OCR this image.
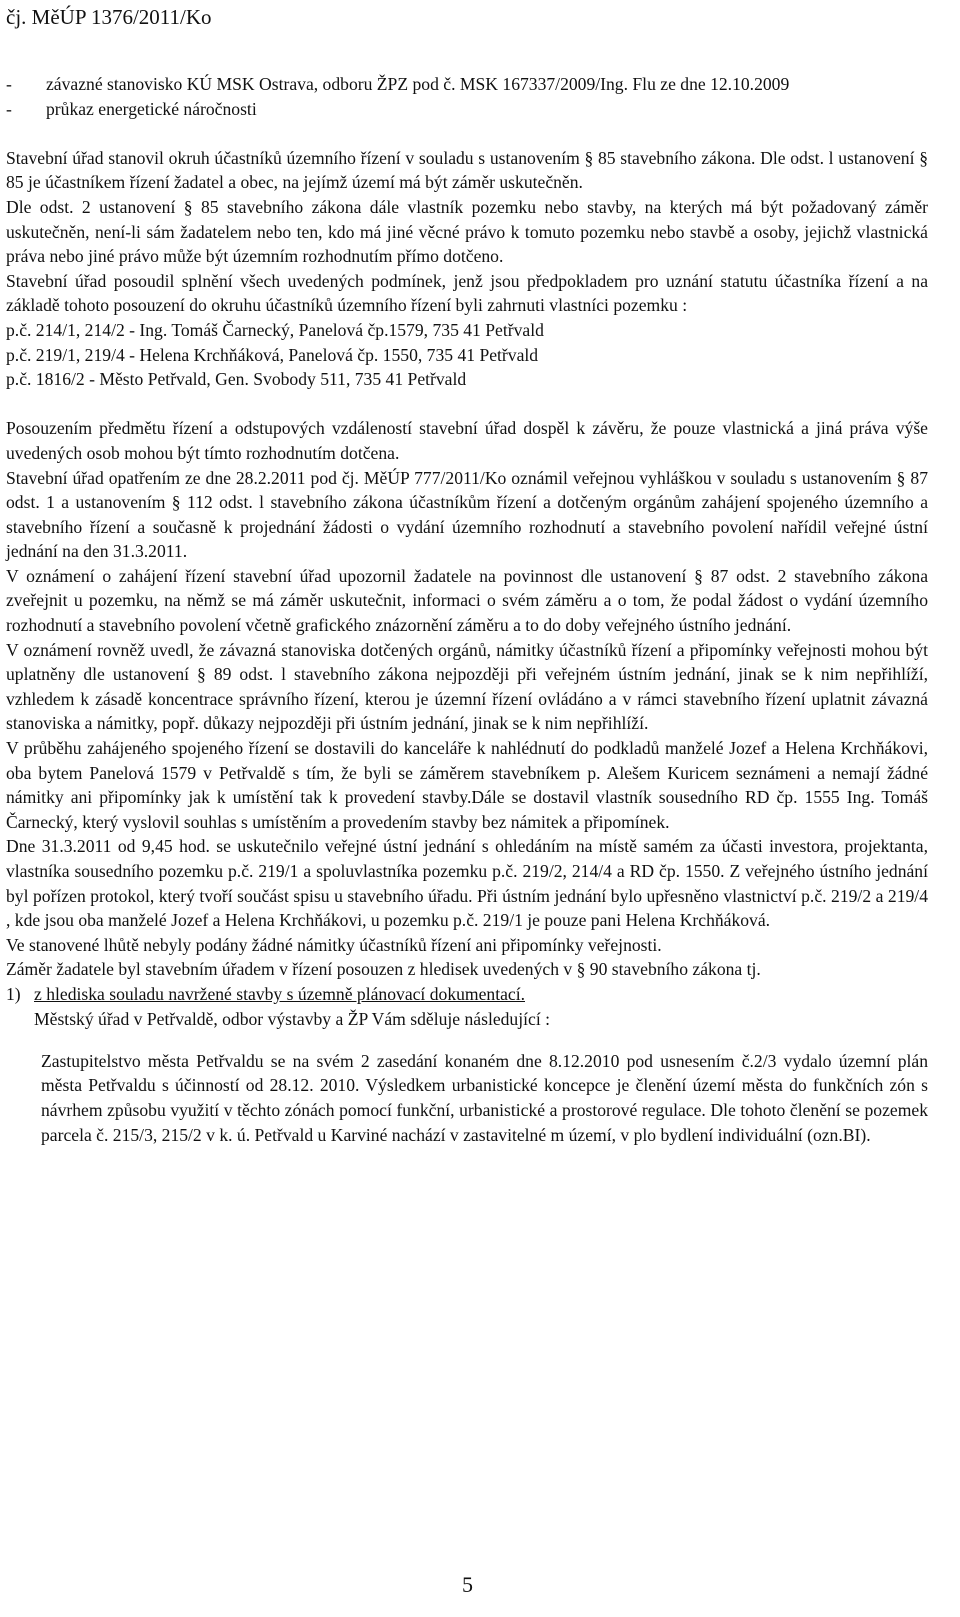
čj. MěÚP 1376/2011/Ko
-	závazné stanovisko KÚ MSK Ostrava, odboru ŽPZ pod č. MSK 167337/2009/Ing. Flu ze dne 12.10.2009
-	průkaz energetické náročnosti

Stavební úřad stanovil okruh účastníků územního řízení v souladu s ustanovením § 85 stavebního zákona. Dle odst. l ustanovení § 85 je účastníkem řízení žadatel a obec, na jejímž území má být záměr uskutečněn.

Dle odst. 2 ustanovení § 85 stavebního zákona dále vlastník pozemku nebo stavby, na kterých má být požadovaný záměr uskutečněn, není-li sám žadatelem nebo ten, kdo má jiné věcné právo k tomuto pozemku nebo stavbě a osoby, jejichž vlastnická práva nebo jiné právo může být územním rozhodnutím přímo dotčeno.

Stavební úřad posoudil splnění všech uvedených podmínek, jenž jsou předpokladem pro uznání statutu účastníka řízení a na základě tohoto posouzení do okruhu účastníků územního řízení byli zahrnuti vlastníci pozemku :

p.č. 214/1, 214/2 - Ing. Tomáš Čarnecký, Panelová čp.1579, 735 41 Petřvald

p.č. 219/1, 219/4 - Helena Krchňáková, Panelová čp. 1550, 735 41 Petřvald

p.č. 1816/2 - Město Petřvald, Gen. Svobody 511, 735 41 Petřvald

Posouzením předmětu řízení a odstupových vzdáleností stavební úřad dospěl k závěru, že pouze vlastnická a jiná práva výše uvedených osob mohou být tímto rozhodnutím dotčena.

Stavební úřad opatřením ze dne 28.2.2011 pod čj. MěÚP 777/2011/Ko oznámil veřejnou vyhláškou v souladu s ustanovením § 87 odst. 1 a ustanovením § 112 odst. l stavebního zákona účastníkům řízení a dotčeným orgánům zahájení spojeného územního a stavebního řízení a současně k projednání žádosti o vydání územního rozhodnutí a stavebního povolení nařídil veřejné ústní jednání na den 31.3.2011.

V oznámení o zahájení řízení stavební úřad upozornil žadatele na povinnost dle ustanovení § 87 odst. 2 stavebního zákona zveřejnit u pozemku, na němž se má záměr uskutečnit, informaci o svém záměru a o tom, že podal žádost o vydání územního rozhodnutí a stavebního povolení včetně grafického znázornění záměru a to do doby veřejného ústního jednání.

V oznámení rovněž uvedl, že závazná stanoviska dotčených orgánů, námitky účastníků řízení a připomínky veřejnosti mohou být uplatněny dle ustanovení § 89 odst. l stavebního zákona nejpozději při veřejném ústním jednání, jinak se k nim nepřihlíží, vzhledem k zásadě koncentrace správního řízení, kterou je územní řízení ovládáno a v rámci stavebního řízení uplatnit závazná stanoviska a námitky, popř. důkazy nejpozději při ústním jednání, jinak se k nim nepřihlíží.

V průběhu zahájeného spojeného řízení se dostavili do kanceláře k nahlédnutí do podkladů manželé Jozef a Helena Krchňákovi, oba bytem Panelová 1579 v Petřvaldě s tím, že byli se záměrem stavebníkem p. Alešem Kuricem seznámeni a nemají žádné námitky ani připomínky jak k umístění tak k provedení stavby.Dále se dostavil vlastník sousedního RD čp. 1555 Ing. Tomáš Čarnecký, který vyslovil souhlas s umístěním a provedením stavby bez námitek a připomínek.

Dne 31.3.2011 od 9,45 hod. se uskutečnilo veřejné ústní jednání s ohledáním na místě samém za účasti investora, projektanta, vlastníka sousedního pozemku p.č. 219/1 a spoluvlastníka pozemku p.č. 219/2, 214/4 a RD čp. 1550. Z veřejného ústního jednání byl pořízen protokol, který tvoří součást spisu u stavebního úřadu. Při ústním jednání bylo upřesněno vlastnictví p.č. 219/2 a 219/4 , kde jsou oba manželé Jozef a Helena Krchňákovi, u pozemku p.č. 219/1 je pouze pani Helena Krchňáková.

Ve stanovené lhůtě nebyly podány žádné námitky účastníků řízení ani připomínky veřejnosti.

Záměr žadatele byl stavebním úřadem v řízení posouzen z hledisek uvedených v § 90 stavebního zákona tj.

1) z hlediska souladu navržené stavby s územně plánovací dokumentací.

Městský úřad v Petřvaldě, odbor výstavby a ŽP Vám sděluje následující :

Zastupitelstvo města Petřvaldu se na svém 2 zasedání konaném dne 8.12.2010 pod usnesením č.2/3 vydalo územní plán města Petřvaldu s účinností od 28.12. 2010. Výsledkem urbanistické koncepce je členění území města do funkčních zón s návrhem způsobu využití v těchto zónách pomocí funkční, urbanistické a prostorové regulace. Dle tohoto členění se pozemek parcela č. 215/3, 215/2 v k. ú. Petřvald u Karviné nachází v zastavitelné m území, v plo bydlení individuální (ozn.BI).

5
